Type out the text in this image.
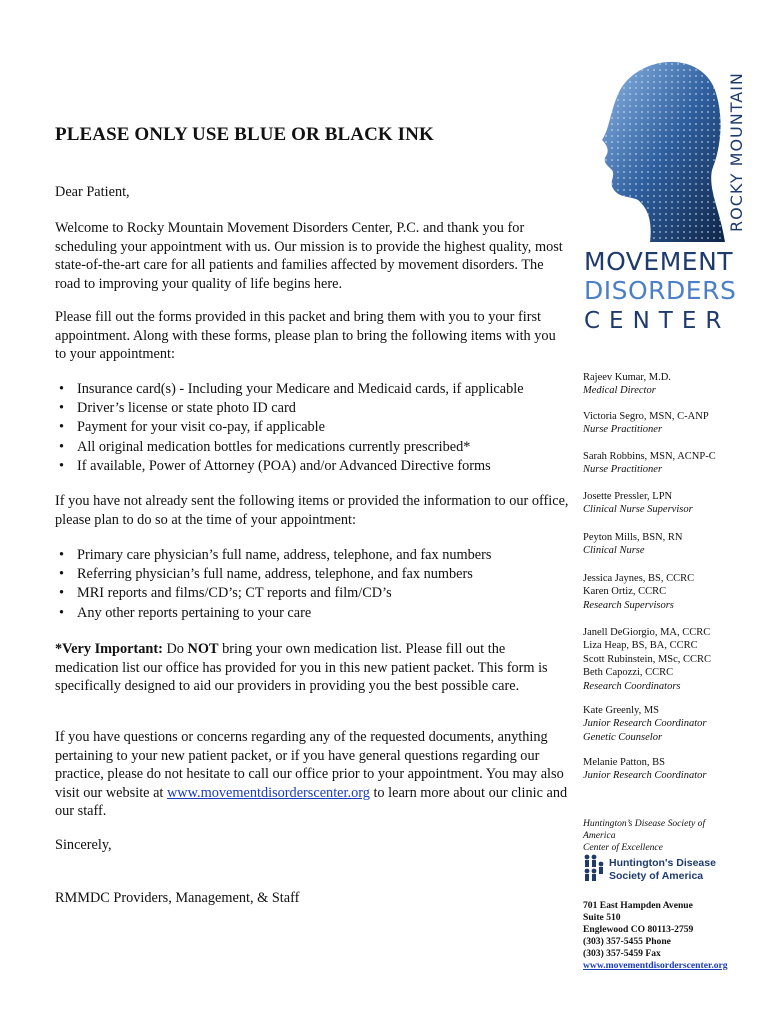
PLEASE ONLY USE BLUE OR BLACK INK

Dear Patient,

Welcome to Rocky Mountain Movement Disorders Center, P.C. and thank you for scheduling your appointment with us. Our mission is to provide the highest quality, most state-of-the-art care for all patients and families affected by movement disorders. The road to improving your quality of life begins here.

Please fill out the forms provided in this packet and bring them with you to your first appointment. Along with these forms, please plan to bring the following items with you to your appointment:

• Insurance card(s) - Including your Medicare and Medicaid cards, if applicable
• Driver’s license or state photo ID card
• Payment for your visit co-pay, if applicable
• All original medication bottles for medications currently prescribed*
• If available, Power of Attorney (POA) and/or Advanced Directive forms

If you have not already sent the following items or provided the information to our office, please plan to do so at the time of your appointment:

• Primary care physician’s full name, address, telephone, and fax numbers
• Referring physician’s full name, address, telephone, and fax numbers
• MRI reports and films/CD’s; CT reports and film/CD’s
• Any other reports pertaining to your care

*Very Important: Do NOT bring your own medication list. Please fill out the medication list our office has provided for you in this new patient packet. This form is specifically designed to aid our providers in providing you the best possible care.

If you have questions or concerns regarding any of the requested documents, anything pertaining to your new patient packet, or if you have general questions regarding our practice, please do not hesitate to call our office prior to your appointment. You may also visit our website at www.movementdisorderscenter.org to learn more about our clinic and our staff.

Sincerely,

RMMDC Providers, Management, & Staff

MOVEMENT
DISORDERS
CENTER
ROCKY MOUNTAIN
Rajeev Kumar, M.D.
Medical Director
Victoria Segro, MSN, C-ANP
Nurse Practitioner
Sarah Robbins, MSN, ACNP-C
Nurse Practitioner
Josette Pressler, LPN
Clinical Nurse Supervisor
Peyton Mills, BSN, RN
Clinical Nurse
Jessica Jaynes, BS, CCRC
Karen Ortiz, CCRC
Research Supervisors
Janell DeGiorgio, MA, CCRC
Liza Heap, BS, BA, CCRC
Scott Rubinstein, MSc, CCRC
Beth Capozzi, CCRC
Research Coordinators
Kate Greenly, MS
Junior Research Coordinator
Genetic Counselor
Melanie Patton, BS
Junior Research Coordinator
Huntington’s Disease Society of America
Center of Excellence
Huntington's Disease
Society of America
701 East Hampden Avenue
Suite 510
Englewood CO 80113-2759
(303) 357-5455 Phone
(303) 357-5459 Fax
www.movementdisorderscenter.org
